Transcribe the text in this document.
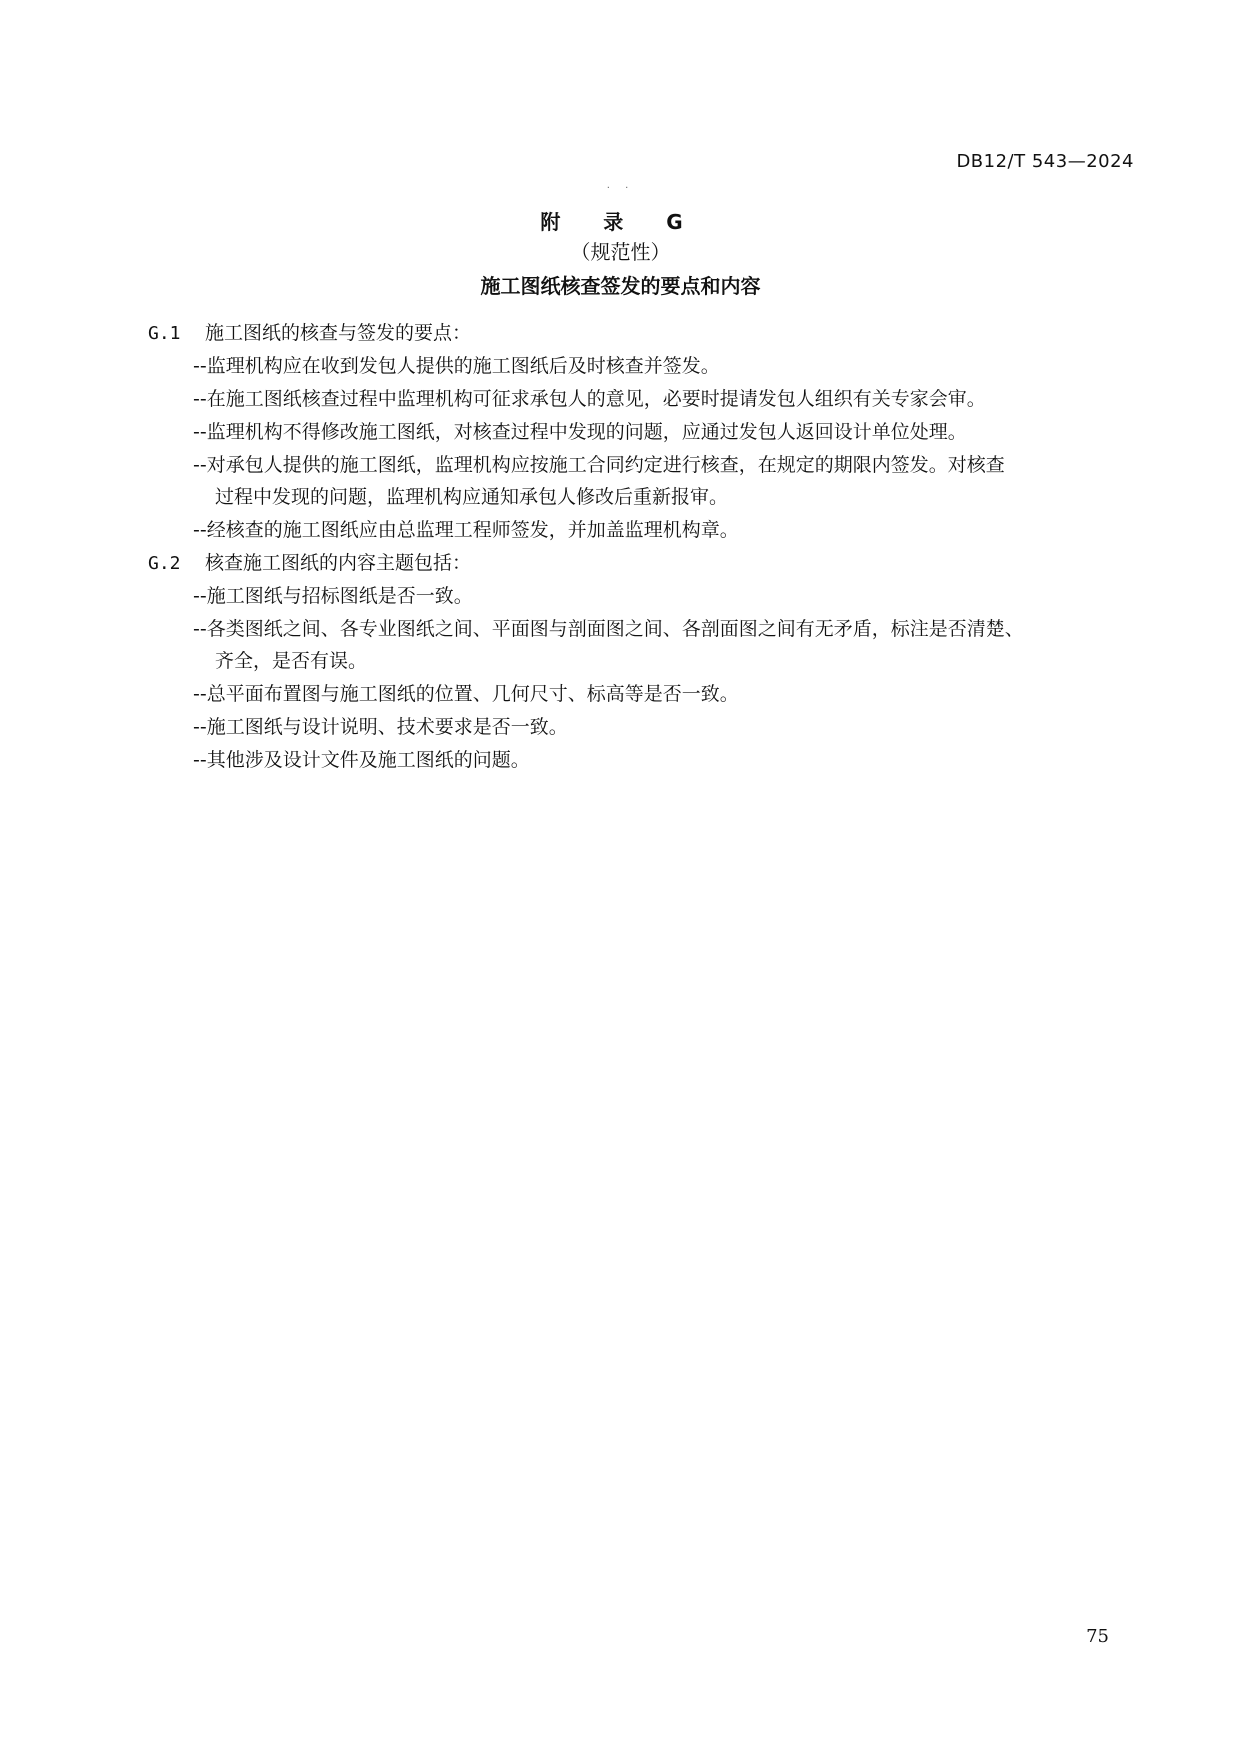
DB12/T 543—2024
. .
附 录 G
（规范性）
施工图纸核查签发的要点和内容
G.1 施工图纸的核查与签发的要点：
--监理机构应在收到发包人提供的施工图纸后及时核查并签发。
--在施工图纸核查过程中监理机构可征求承包人的意见，必要时提请发包人组织有关专家会审。
--监理机构不得修改施工图纸，对核查过程中发现的问题，应通过发包人返回设计单位处理。
--对承包人提供的施工图纸，监理机构应按施工合同约定进行核查，在规定的期限内签发。对核查
过程中发现的问题，监理机构应通知承包人修改后重新报审。
--经核查的施工图纸应由总监理工程师签发，并加盖监理机构章。
G.2 核查施工图纸的内容主题包括：
--施工图纸与招标图纸是否一致。
--各类图纸之间、各专业图纸之间、平面图与剖面图之间、各剖面图之间有无矛盾，标注是否清楚、
齐全，是否有误。
--总平面布置图与施工图纸的位置、几何尺寸、标高等是否一致。
--施工图纸与设计说明、技术要求是否一致。
--其他涉及设计文件及施工图纸的问题。
75
